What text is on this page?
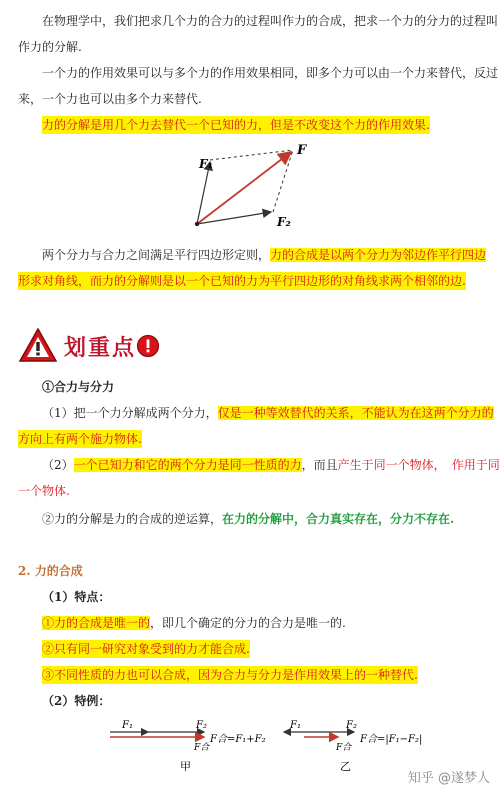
在物理学中，我们把求几个力的合力的过程叫作力的合成，把求一个力的分力的过程叫
作力的分解.
一个力的作用效果可以与多个力的作用效果相同，即多个力可以由一个力来替代，反过
来，一个力也可以由多个力来替代.
力的分解是用几个力去替代一个已知的力，但是不改变这个力的作用效果.
F
F₁
F₂
两个分力与合力之间满足平行四边形定则，力的合成是以两个分力为邻边作平行四边
形求对角线，而力的分解则是以一个已知的力为平行四边形的对角线求两个相邻的边.
划重点
①合力与分力
（1）把一个力分解成两个分力，仅是一种等效替代的关系，不能认为在这两个分力的
方向上有两个施力物体.
（2）一个已知力和它的两个分力是同一性质的力，而且产生于同一个物体， 作用于同
一个物体.
②力的分解是力的合成的逆运算，在力的分解中，合力真实存在，分力不存在.
2. 力的合成
（1）特点：
①力的合成是唯一的，即几个确定的分力的合力是唯一的.
②只有同一研究对象受到的力才能合成.
③不同性质的力也可以合成，因为合力与分力是作用效果上的一种替代.
（2）特例：
F₁	F₂
F合
F合=F₁+F₂
甲
F₁	F₂
F合
F合=|F₁−F₂|
乙
知乎 @遂梦人
